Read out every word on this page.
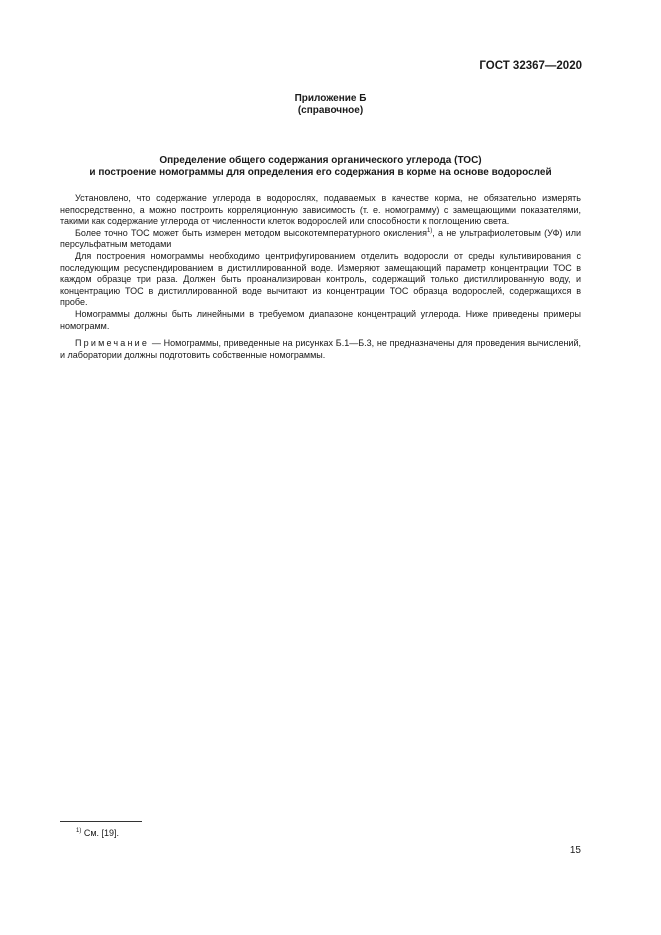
ГОСТ 32367—2020
Приложение Б
(справочное)
Определение общего содержания органического углерода (ТОС)
и построение номограммы для определения его содержания в корме на основе водорослей

Установлено, что содержание углерода в водорослях, подаваемых в качестве корма, не обязательно измерять непосредственно, а можно построить корреляционную зависимость (т. е. номограмму) с замещающими показателями, такими как содержание углерода от численности клеток водорослей или способности к поглощению света.

Более точно ТОС может быть измерен методом высокотемпературного окисления$^{1)}$, а не ультрафиолетовым (УФ) или персульфатным методами

Для построения номограммы необходимо центрифугированием отделить водоросли от среды культивирования с последующим ресуспендированием в дистиллированной воде. Измеряют замещающий параметр концентрации ТОС в каждом образце три раза. Должен быть проанализирован контроль, содержащий только дистиллированную воду, и концентрацию ТОС в дистиллированной воде вычитают из концентрации ТОС образца водорослей, содержащихся в пробе.

Номограммы должны быть линейными в требуемом диапазоне концентраций углерода. Ниже приведены примеры номограмм.

Примечание — Номограммы, приведенные на рисунках Б.1—Б.3, не предназначены для проведения вычислений, и лаборатории должны подготовить собственные номограммы.

$^{1)}$ См. [19].
15
